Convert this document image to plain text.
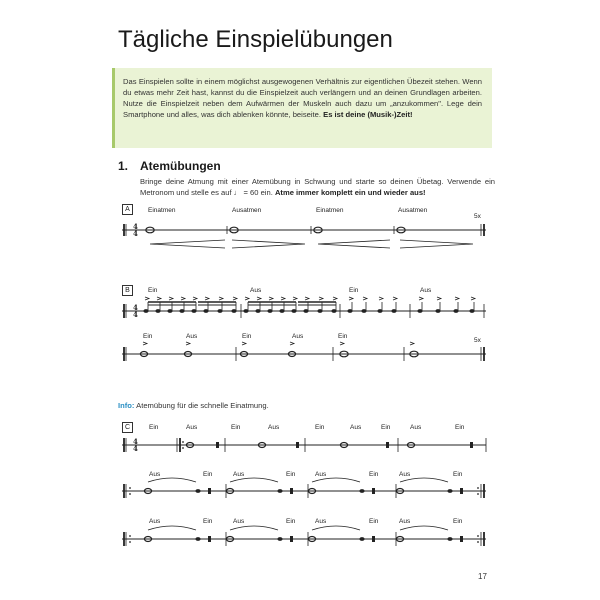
Tägliche Einspielübungen
Das Einspielen sollte in einem möglichst ausgewogenen Verhältnis zur eigentlichen Übezeit stehen. Wenn du etwas mehr Zeit hast, kannst du die Einspielzeit auch verlängern und an deinen Grundlagen arbeiten. Nutze die Einspielzeit neben dem Aufwärmen der Muskeln auch dazu um „anzukommen". Lege dein Smartphone und alles, was dich ablenken könnte, beiseite. Es ist deine (Musik-)Zeit!
1. Atemübungen
Bringe deine Atmung mit einer Atemübung in Schwung und starte so deinen Übetag. Verwende ein Metronom und stelle es auf ♩ = 60 ein. Atme immer komplett ein und wieder aus!
A
B
C
Einatmen	Ausatmen	Einatmen	Ausatmen
5x
Ein	Aus	Ein	Aus
Ein	Aus	Ein	Aus	Ein
5x
Info: Atemübung für die schnelle Einatmung.
Ein	Aus	Ein	Aus	Ein	Aus	Ein	Aus	Ein
Aus	Ein	Aus	Ein	Aus	Ein	Aus	Ein
Aus	Ein	Aus	Ein	Aus	Ein	Aus	Ein
4
4
4
4
4
4
17
